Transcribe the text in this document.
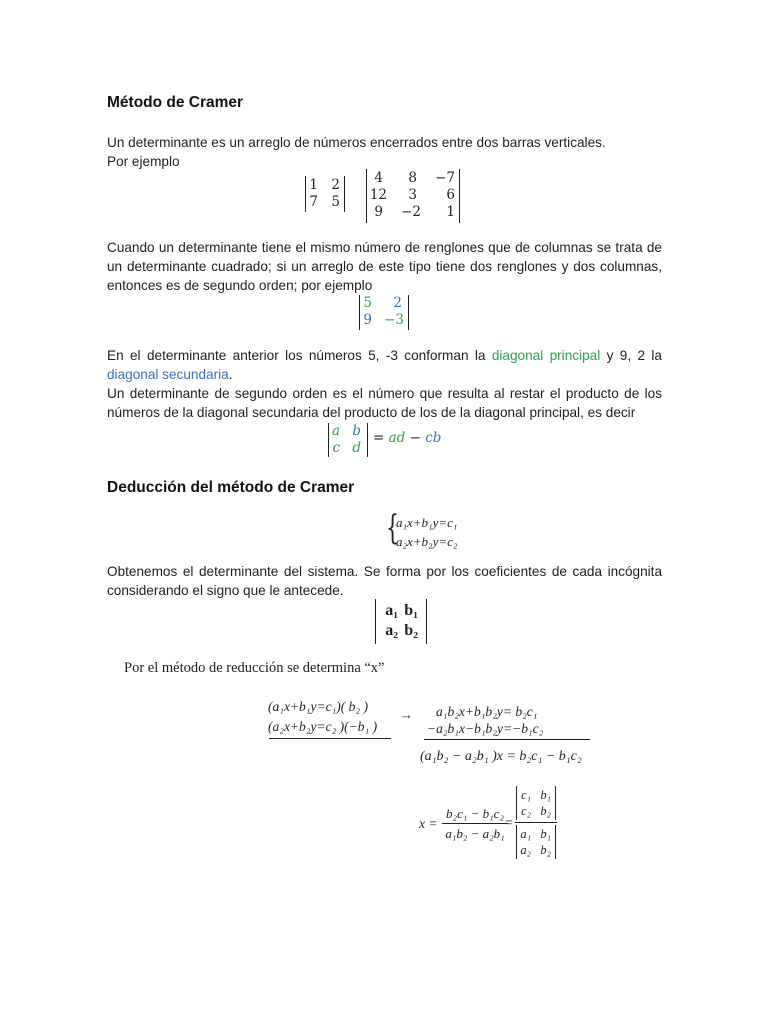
Método de Cramer
Un determinante es un arreglo de números encerrados entre dos barras verticales.
Por ejemplo
1 2
7 5
4	8	−7
12	3	6
9	−2	1
Cuando un determinante tiene el mismo número de renglones que de columnas se trata de un determinante cuadrado; si un arreglo de este tipo tiene dos renglones y dos columnas, entonces es de segundo orden; por ejemplo
5	2
9 −3
En el determinante anterior los números 5, -3 conforman la diagonal principal y 9, 2 la diagonal secundaria.
Un determinante de segundo orden es el número que resulta al restar el producto de los números de la diagonal secundaria del producto de los de la diagonal principal, es decir
a b
c d
= ad − cb
Deducción del método de Cramer
{
a₁x+b₁y=c₁
a₂x+b₂y=c₂
Obtenemos el determinante del sistema. Se forma por los coeficientes de cada incógnita considerando el signo que le antecede.
a₁ b₁
a₂ b₂
Por el método de reducción se determina “x”
(a₁x+b₁y=c₁)( b₂ )
(a₂x+b₂y=c₂ )(−b₁ )
→	a₁b₂x+b₁b₂y= b₂c₁
−a₂b₁x−b₁b₂y=−b₁c₂
(a₁b₂ − a₂b₁ )x = b₂c₁ − b₁c₂
x =
b₂c₁ − b₁c₂
a₁b₂ − a₂b₁
=
c₁ b₁
c₂ b₂
a₁ b₁
a₂ b₂
